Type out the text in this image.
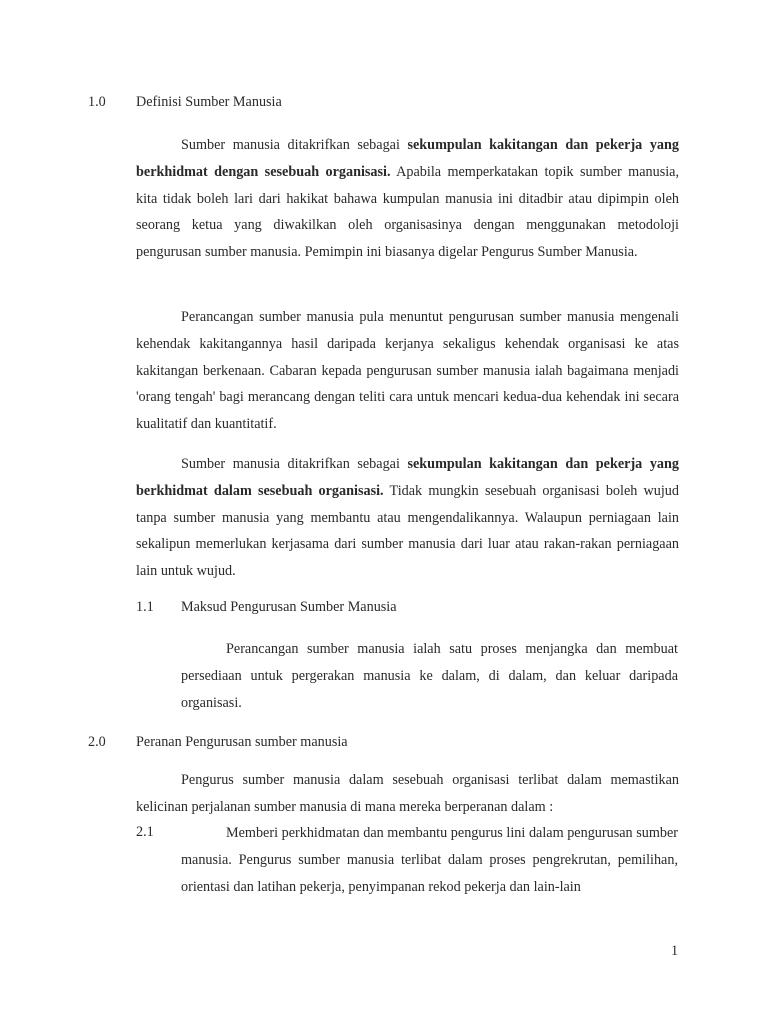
1.0 Definisi Sumber Manusia

Sumber manusia ditakrifkan sebagai sekumpulan kakitangan dan pekerja yang berkhidmat dengan sesebuah organisasi. Apabila memperkatakan topik sumber manusia, kita tidak boleh lari dari hakikat bahawa kumpulan manusia ini ditadbir atau dipimpin oleh seorang ketua yang diwakilkan oleh organisasinya dengan menggunakan metodoloji pengurusan sumber manusia. Pemimpin ini biasanya digelar Pengurus Sumber Manusia.

Perancangan sumber manusia pula menuntut pengurusan sumber manusia mengenali kehendak kakitangannya hasil daripada kerjanya sekaligus kehendak organisasi ke atas kakitangan berkenaan. Cabaran kepada pengurusan sumber manusia ialah bagaimana menjadi 'orang tengah' bagi merancang dengan teliti cara untuk mencari kedua-dua kehendak ini secara kualitatif dan kuantitatif.

Sumber manusia ditakrifkan sebagai sekumpulan kakitangan dan pekerja yang berkhidmat dalam sesebuah organisasi. Tidak mungkin sesebuah organisasi boleh wujud tanpa sumber manusia yang membantu atau mengendalikannya. Walaupun perniagaan lain sekalipun memerlukan kerjasama dari sumber manusia dari luar atau rakan-rakan perniagaan lain untuk wujud.

1.1 Maksud Pengurusan Sumber Manusia

Perancangan sumber manusia ialah satu proses menjangka dan membuat persediaan untuk pergerakan manusia ke dalam, di dalam, dan keluar daripada organisasi.

2.0 Peranan Pengurusan sumber manusia

Pengurus sumber manusia dalam sesebuah organisasi terlibat dalam memastikan kelicinan perjalanan sumber manusia di mana mereka berperanan dalam :

2.1	Memberi perkhidmatan dan membantu pengurus lini dalam pengurusan sumber manusia. Pengurus sumber manusia terlibat dalam proses pengrekrutan, pemilihan, orientasi dan latihan pekerja, penyimpanan rekod pekerja dan lain-lain

1
